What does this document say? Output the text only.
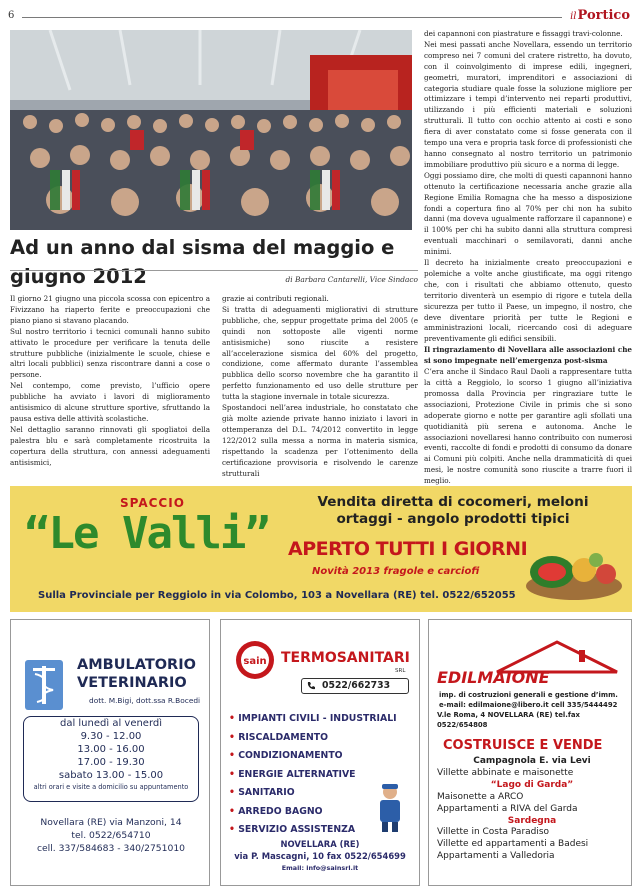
6	ilPortico
Ad un anno dal sisma del maggio e giugno 2012	di Barbara Cantarelli, Vice Sindaco

Il giorno 21 giugno una piccola scossa con epicentro a Fivizzano ha riaperto ferite e preoccupazioni che piano piano si stavano placando.

Sul nostro territorio i tecnici comunali hanno subito attivato le procedure per verificare la tenuta delle strutture pubbliche (inizialmente le scuole, chiese e altri locali pubblici) senza riscontrare danni a cose o persone.

Nel contempo, come previsto, l’ufficio opere pubbliche ha avviato i lavori di miglioramento antisismico di alcune strutture sportive, sfruttando la pausa estiva delle attività scolastiche.

Nel dettaglio saranno rinnovati gli spogliatoi della palestra blu e sarà completamente ricostruita la copertura della struttura, con annessi adeguamenti antisismici,

grazie ai contributi regionali.

Si tratta di adeguamenti migliorativi di strutture pubbliche, che, seppur progettate prima del 2005 (e quindi non sottoposte alle vigenti norme antisismiche) sono riuscite a resistere all’accelerazione sismica del 60% del progetto, condizione, come affermato durante l’assemblea pubblica dello scorso novembre che ha garantito il perfetto funzionamento ed uso delle strutture per tutta la stagione invernale in totale sicurezza.

Spostandoci nell’area industriale, ho constatato che già molte aziende private hanno iniziato i lavori in ottemperanza del D.L. 74/2012 convertito in legge 122/2012 sulla messa a norma in materia sismica, rispettando la scadenza per l’ottenimento della certificazione provvisoria e risolvendo le carenze strutturali

dei capannoni con piastrature e fissaggi travi-colonne.

Nei mesi passati anche Novellara, essendo un territorio compreso nei 7 comuni del cratere ristretto, ha dovuto, con il coinvolgimento di imprese edili, ingegneri, geometri, muratori, imprenditori e associazioni di categoria studiare quale fosse la soluzione migliore per ottimizzare i tempi d’intervento nei reparti produttivi, utilizzando i più efficienti materiali e soluzioni strutturali. Il tutto con occhio attento ai costi e sono fiera di aver constatato come si fosse generata con il tempo una vera e propria task force di professionisti che hanno consegnato al nostro territorio un patrimonio immobiliare produttivo più sicuro e a norma di legge.

Oggi possiamo dire, che molti di questi capannoni hanno ottenuto la certificazione necessaria anche grazie alla Regione Emilia Romagna che ha messo a disposizione fondi a copertura fino al 70% per chi non ha subito danni (ma doveva ugualmente rafforzare il capannone) e il 100% per chi ha subito danni alla struttura compresi eventuali macchinari o semilavorati, danni anche minimi.

Il decreto ha inizialmente creato preoccupazioni e polemiche a volte anche giustificate, ma oggi ritengo che, con i risultati che abbiamo ottenuto, questo territorio diventerà un esempio di rigore e tutela della sicurezza per tutto il Paese, un impegno, il nostro, che deve diventare priorità per tutte le Regioni e amministrazioni locali, ricercando così di adeguare preventivamente gli edifici sensibili.

Il ringraziamento di Novellara alle associazioni che si sono impegnate nell’emergenza post-sisma

C’era anche il Sindaco Raul Daoli a rappresentare tutta la città a Reggiolo, lo scorso 1 giugno all’iniziativa promossa dalla Provincia per ringraziare tutte le associazioni, Protezione Civile in primis che si sono adoperate giorno e notte per garantire agli sfollati una quotidianità più serena e autonoma. Anche le associazioni novellaresi hanno contribuito con numerosi eventi, raccolte di fondi e prodotti di consumo da donare ai Comuni più colpiti. Anche nella drammaticità di quei mesi, le nostre comunità sono riuscite a trarre fuori il meglio.

SPACCIO
“Le Valli”
Vendita diretta di cocomeri, meloni ortaggi - angolo prodotti tipici
APERTO TUTTI I GIORNI
Novità 2013 fragole e carciofi
Sulla Provinciale per Reggiolo in via Colombo, 103 a Novellara (RE) tel. 0522/652055
AMBULATORIO
VETERINARIO
dott. M.Bigi, dott.ssa R.Bocedi
dal lunedì al venerdì
9.30 - 12.00
13.00 - 16.00
17.00 - 19.30
sabato 13.00 - 15.00
altri orari e visite a domicilio su appuntamento
Novellara (RE) via Manzoni, 14
tel. 0522/654710
cell. 337/584683 - 340/2751010
sain TERMOSANITARI
SRL
0522/662733
• IMPIANTI CIVILI - INDUSTRIALI
• RISCALDAMENTO
• CONDIZIONAMENTO
• ENERGIE ALTERNATIVE
• SANITARIO
• ARREDO BAGNO
• SERVIZIO ASSISTENZA
NOVELLARA (RE)
via P. Mascagni, 10 fax 0522/654699
Email: info@sainsrl.it
EDILMAIONE
imp. di costruzioni generali e gestione d’imm.
e-mail: edilmaione@libero.it cell 335/5444492
V.le Roma, 4 NOVELLARA (RE) tel.fax 0522/654808
COSTRUISCE E VENDE
Campagnola E. via Levi
Villette abbinate e maisonette
“Lago di Garda”
Maisonette a ARCO
Appartamenti a RIVA del Garda
Sardegna
Villette in Costa Paradiso
Villette ed appartamenti a Badesi
Appartamenti a Valledoria
